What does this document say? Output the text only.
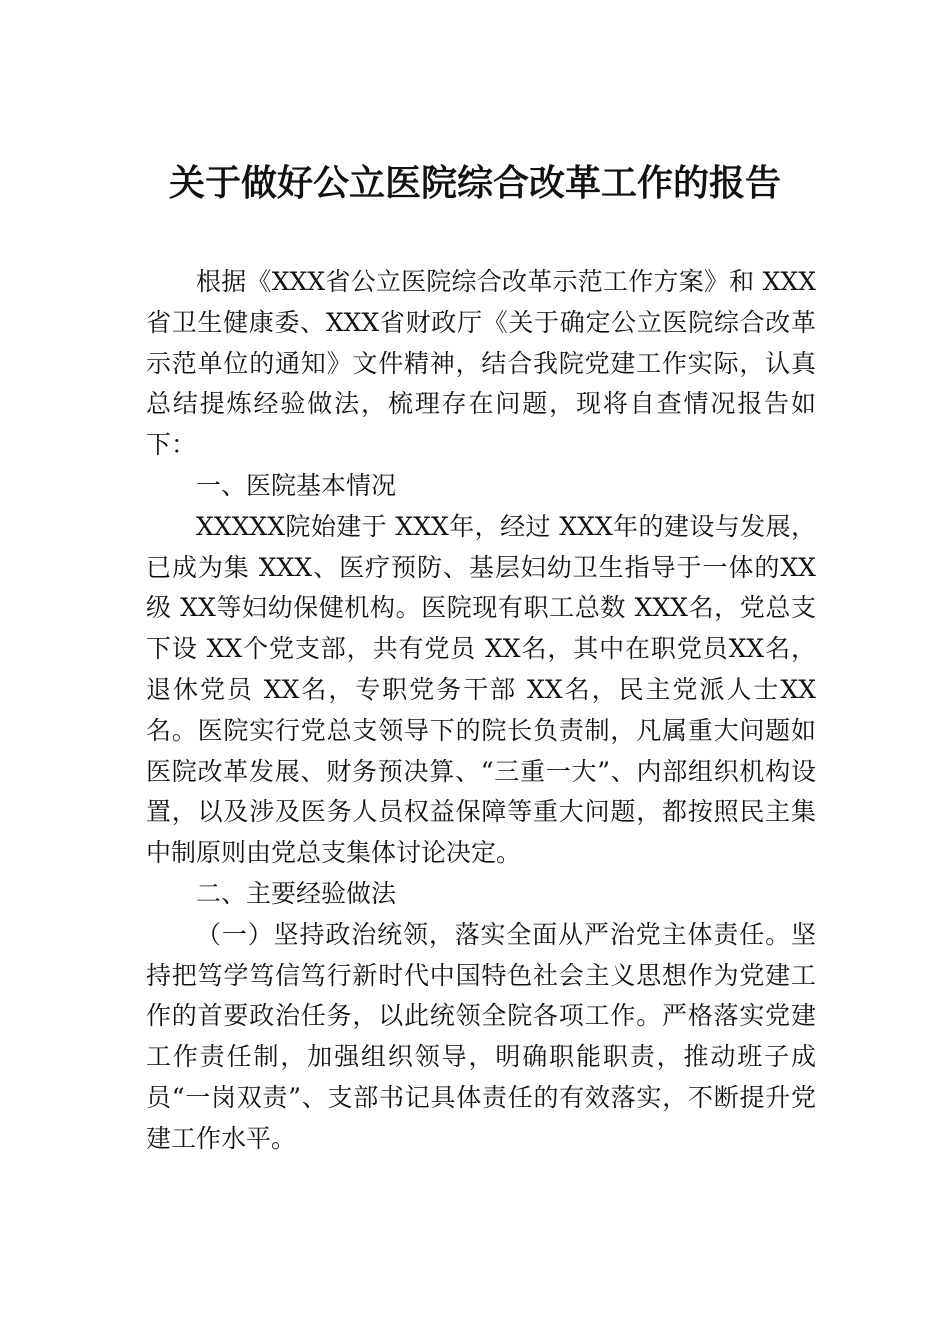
关于做好公立医院综合改革工作的报告

根据《XXX省公立医院综合改革示范工作方案》和 XXX省卫生健康委、XXX省财政厅《关于确定公立医院综合改革示范单位的通知》文件精神，结合我院党建工作实际，认真总结提炼经验做法，梳理存在问题，现将自查情况报告如下：

一、医院基本情况

XXXXX院始建于 XXX年，经过 XXX年的建设与发展，已成为集 XXX、医疗预防、基层妇幼卫生指导于一体的XX级 XX等妇幼保健机构。医院现有职工总数 XXX名，党总支下设 XX个党支部，共有党员 XX名，其中在职党员XX名，退休党员 XX名，专职党务干部 XX名，民主党派人士XX 名。医院实行党总支领导下的院长负责制，凡属重大问题如医院改革发展、财务预决算、“三重一大”、内部组织机构设置，以及涉及医务人员权益保障等重大问题，都按照民主集中制原则由党总支集体讨论决定。

二、主要经验做法

（一）坚持政治统领，落实全面从严治党主体责任。坚持把笃学笃信笃行新时代中国特色社会主义思想作为党建工作的首要政治任务，以此统领全院各项工作。严格落实党建工作责任制，加强组织领导，明确职能职责，推动班子成员“一岗双责”、支部书记具体责任的有效落实，不断提升党建工作水平。
